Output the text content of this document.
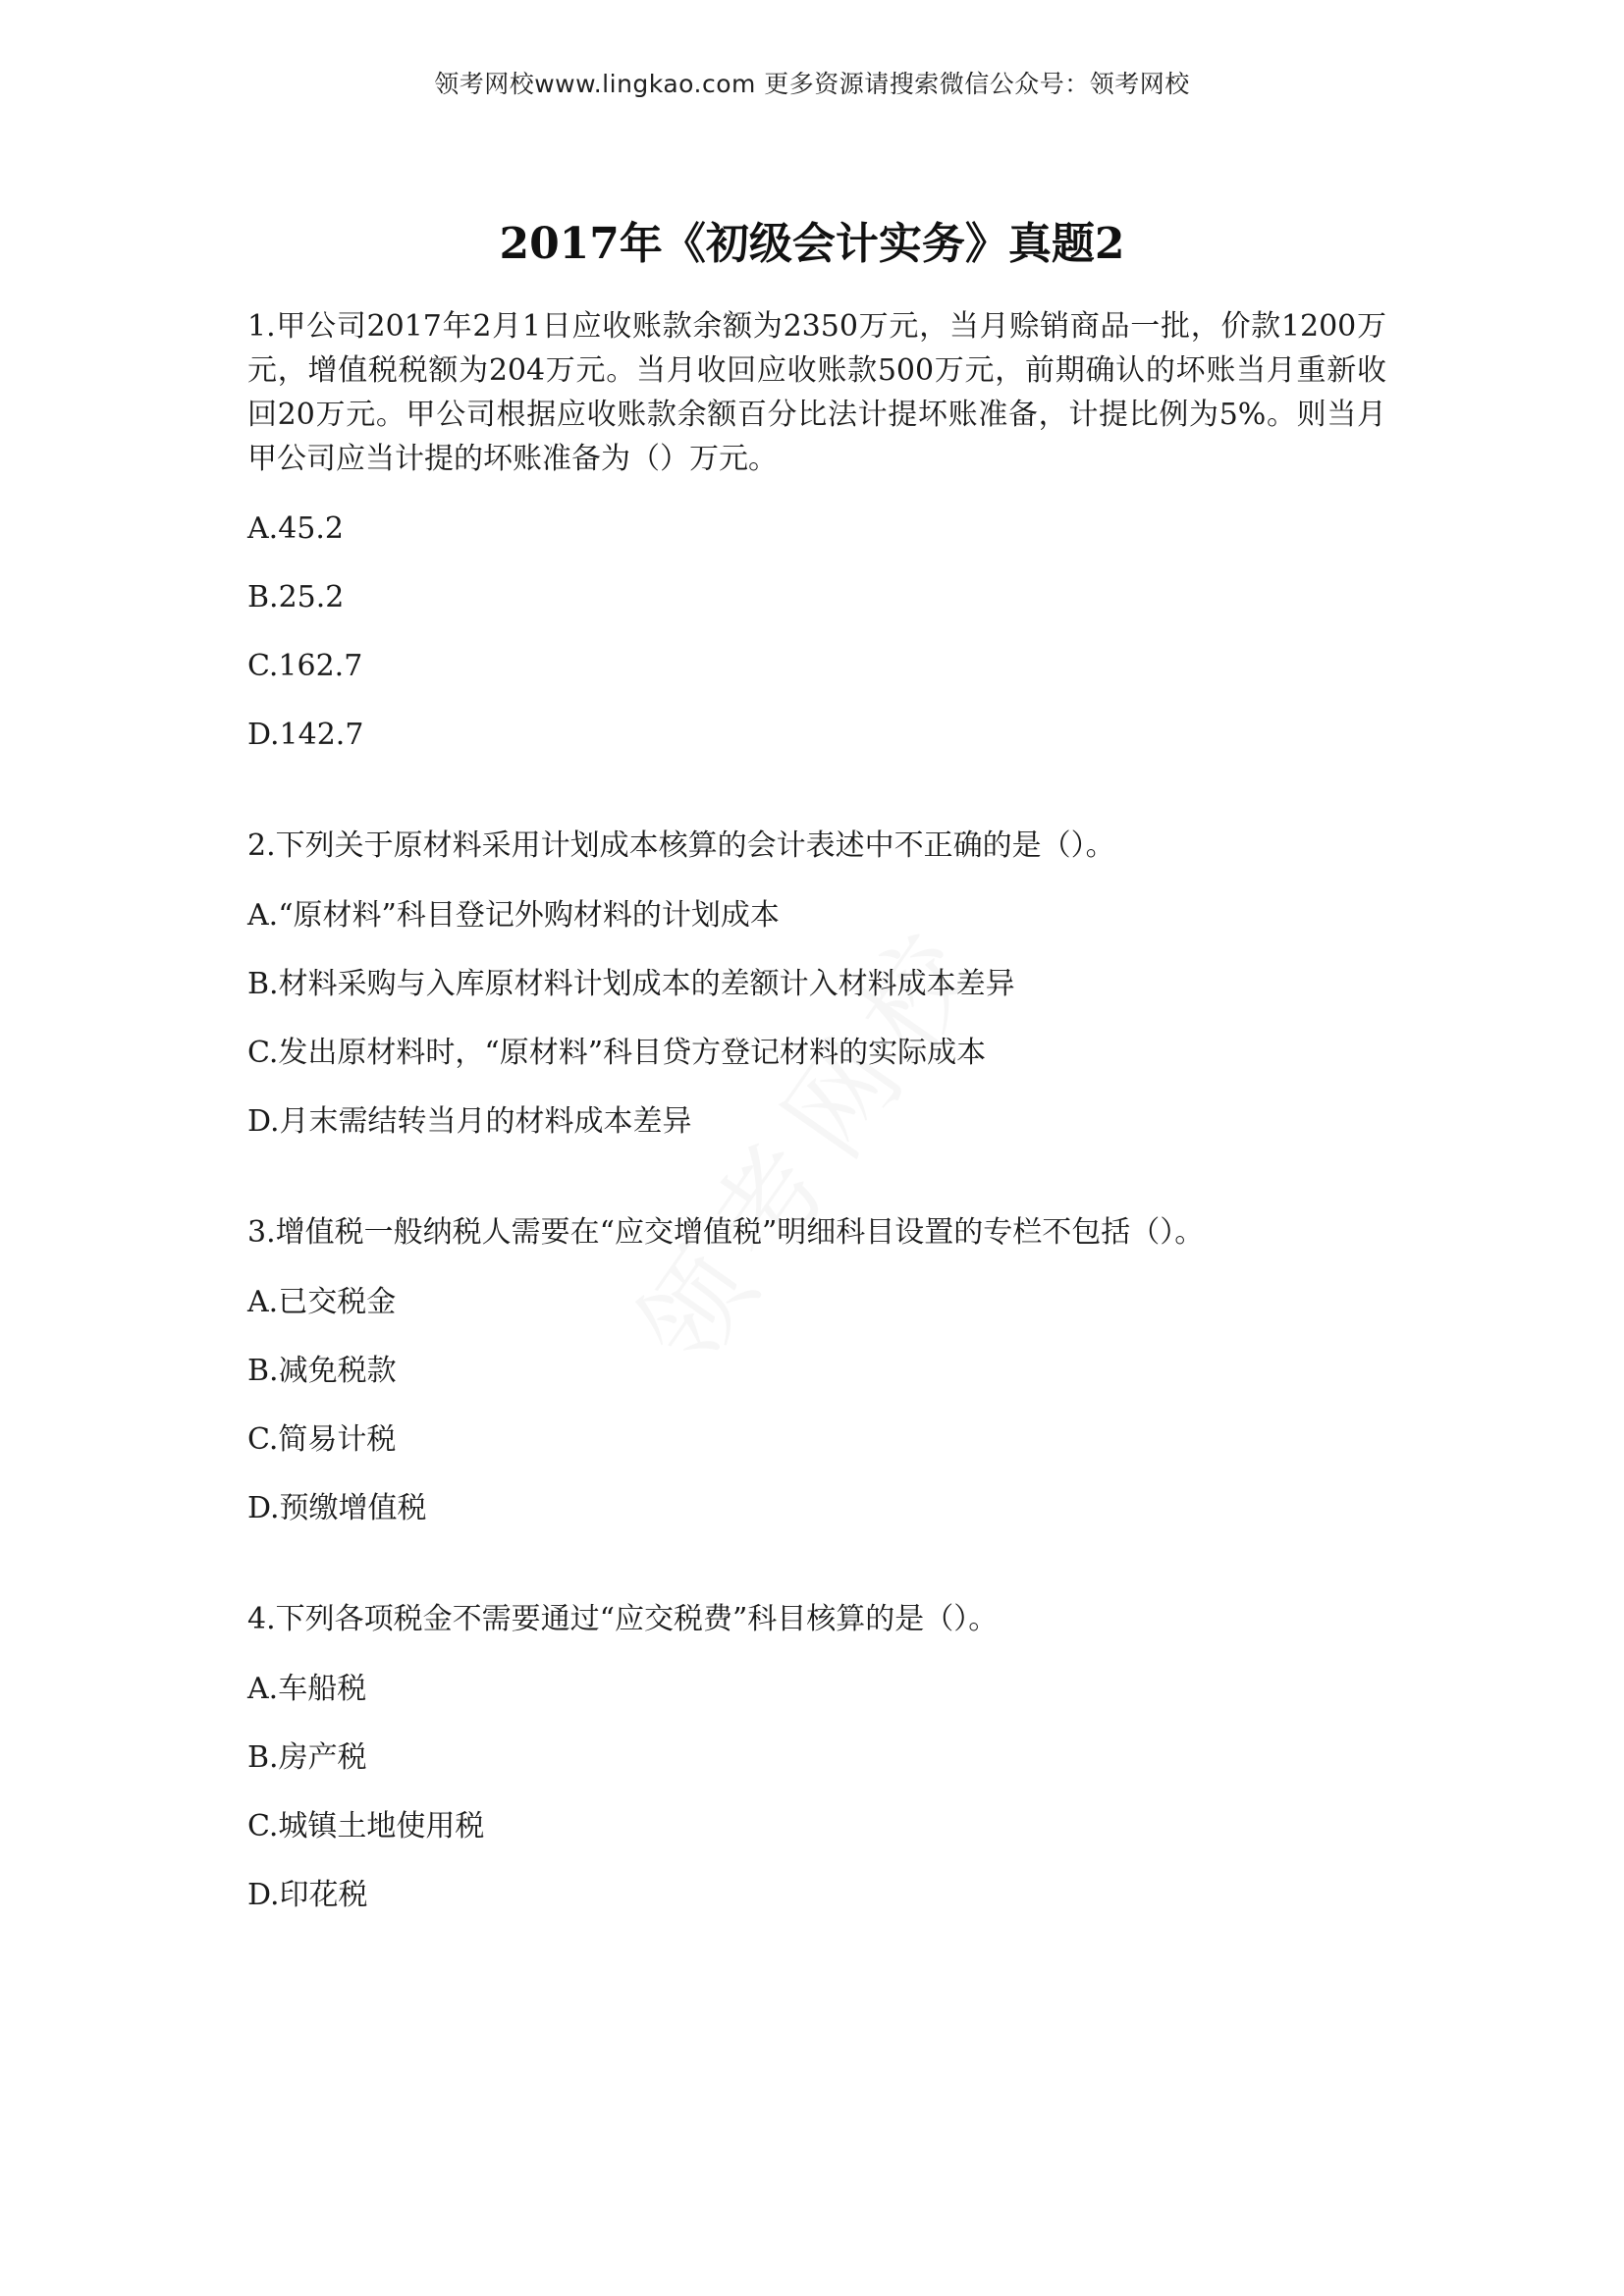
领考网校www.lingkao.com 更多资源请搜索微信公众号：领考网校
2017年《初级会计实务》真题2

1.甲公司2017年2月1日应收账款余额为2350万元，当月赊销商品一批，价款1200万元，增值税税额为204万元。当月收回应收账款500万元，前期确认的坏账当月重新收回20万元。甲公司根据应收账款余额百分比法计提坏账准备，计提比例为5%。则当月甲公司应当计提的坏账准备为（）万元。

A.45.2

B.25.2

C.162.7

D.142.7

2.下列关于原材料采用计划成本核算的会计表述中不正确的是（）。

A.“原材料”科目登记外购材料的计划成本

B.材料采购与入库原材料计划成本的差额计入材料成本差异

C.发出原材料时，“原材料”科目贷方登记材料的实际成本

D.月末需结转当月的材料成本差异

3.增值税一般纳税人需要在“应交增值税”明细科目设置的专栏不包括（）。

A.已交税金

B.减免税款

C.简易计税

D.预缴增值税

4.下列各项税金不需要通过“应交税费”科目核算的是（）。

A.车船税

B.房产税

C.城镇土地使用税

D.印花税
